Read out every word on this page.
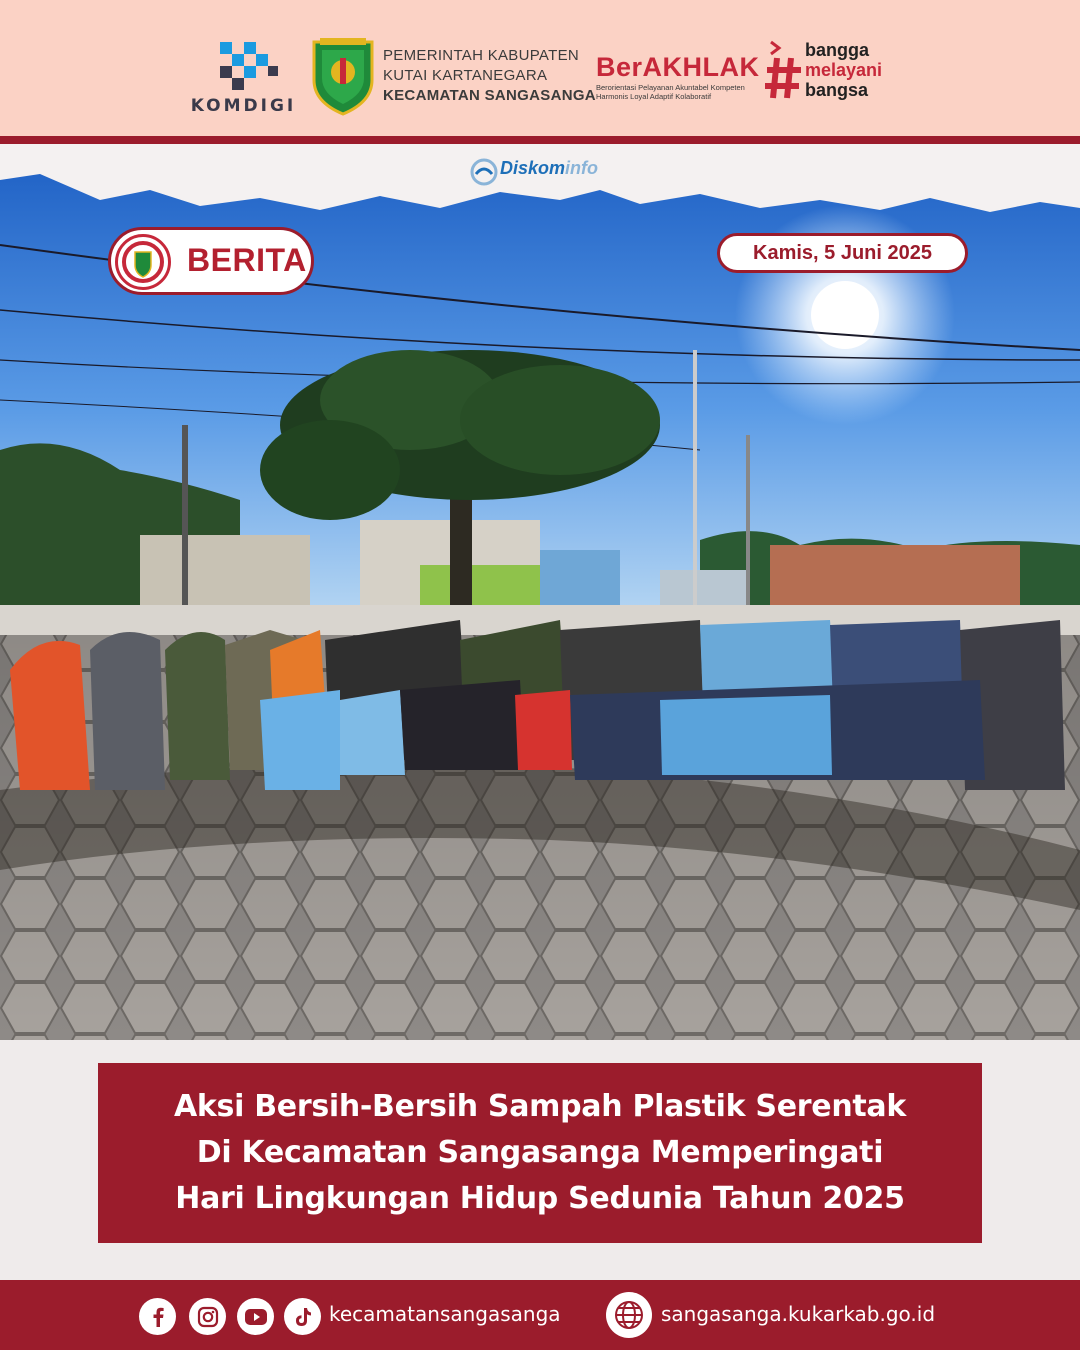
KOMDIGI
PEMERINTAH KABUPATEN
KUTAI KARTANEGARA
KECAMATAN SANGASANGA
BerAKHLAK
Berorientasi Pelayanan Akuntabel Kompeten
Harmonis Loyal Adaptif Kolaboratif
bangga
melayani
bangsa
Diskominfo
BERITA	Kamis, 5 Juni 2025
Aksi Bersih-Bersih Sampah Plastik Serentak
Di Kecamatan Sangasanga Memperingati
Hari Lingkungan Hidup Sedunia Tahun 2025
kecamatansangasanga	sangasanga.kukarkab.go.id
